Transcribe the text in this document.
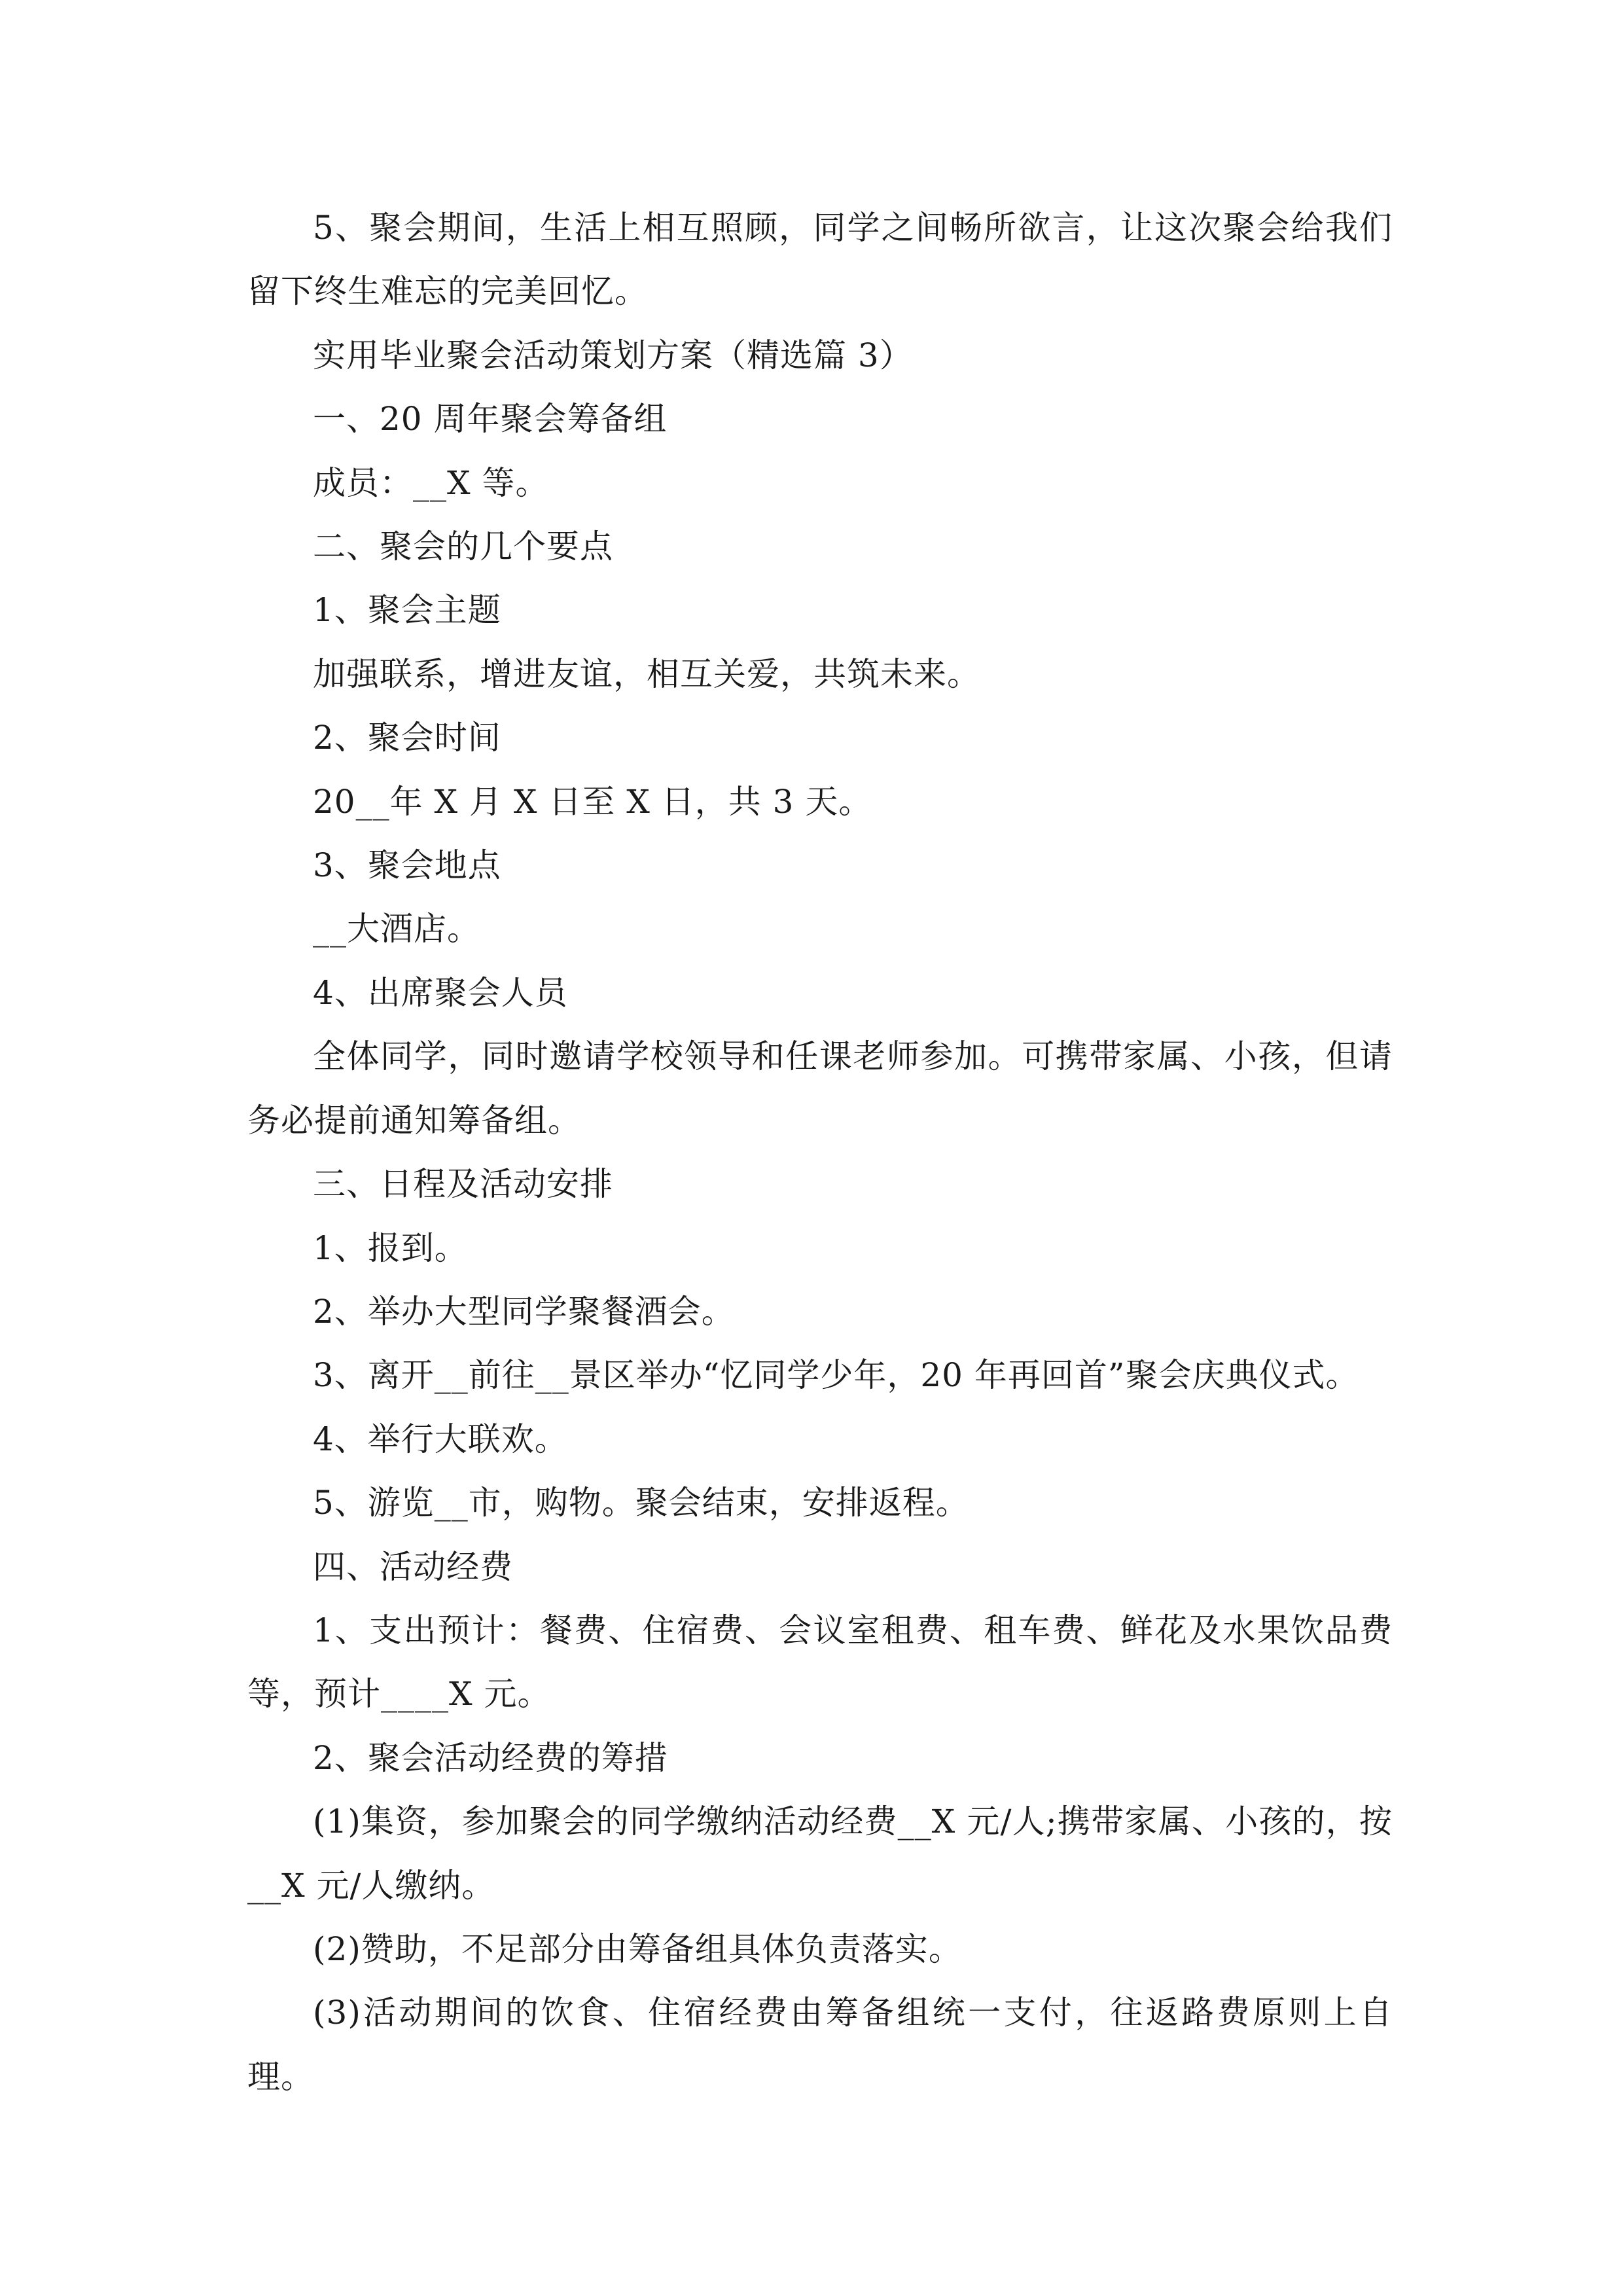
5、聚会期间，生活上相互照顾，同学之间畅所欲言，让这次聚会给我们留下终生难忘的完美回忆。

实用毕业聚会活动策划方案（精选篇 3）

一、20 周年聚会筹备组

成员：__X 等。

二、聚会的几个要点

1、聚会主题

加强联系，增进友谊，相互关爱，共筑未来。

2、聚会时间

20__年 X 月 X 日至 X 日，共 3 天。

3、聚会地点

__大酒店。

4、出席聚会人员

全体同学，同时邀请学校领导和任课老师参加。可携带家属、小孩，但请务必提前通知筹备组。

三、日程及活动安排

1、报到。

2、举办大型同学聚餐酒会。

3、离开__前往__景区举办“忆同学少年，20 年再回首”聚会庆典仪式。

4、举行大联欢。

5、游览__市，购物。聚会结束，安排返程。

四、活动经费

1、支出预计：餐费、住宿费、会议室租费、租车费、鲜花及水果饮品费等，预计____X 元。

2、聚会活动经费的筹措

(1)集资，参加聚会的同学缴纳活动经费__X 元/人;携带家属、小孩的，按__X 元/人缴纳。

(2)赞助，不足部分由筹备组具体负责落实。

(3)活动期间的饮食、住宿经费由筹备组统一支付，往返路费原则上自理。
